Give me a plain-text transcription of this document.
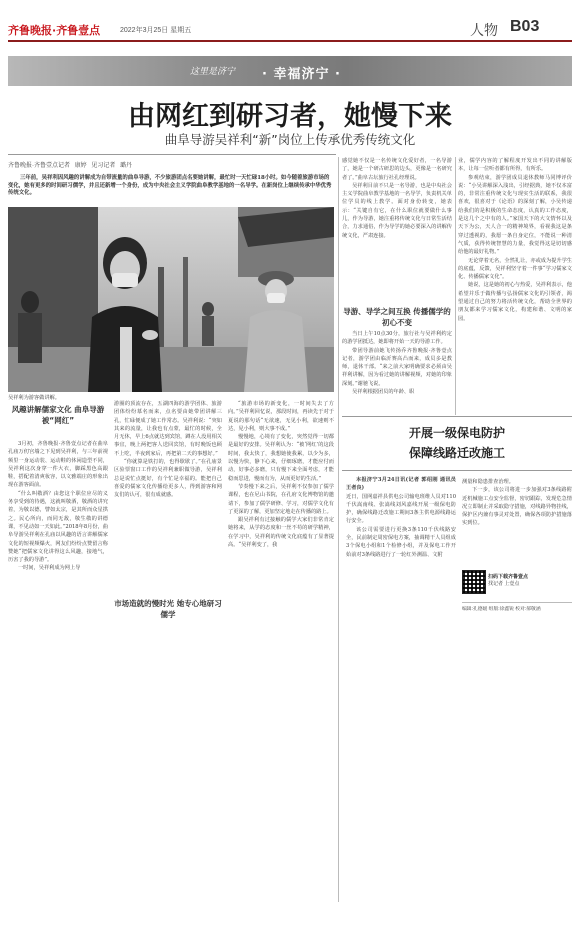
齐鲁晚报·齐鲁壹点	2022年3月25日 星期五	人物 B03
这里是济宁 · 幸福济宁 ·
由网红到研习者，她慢下来
曲阜导游吴祥利“新”岗位上传承优秀传统文化
齐鲁晚报·齐鲁壹点记者 康婷 见习记者 璐丹
三年前，吴祥利因风趣的讲解成为自带流量的曲阜导游，不少旅游团点名要她讲解，最忙时一天忙碌18小时。如今随着旅游市场的变化，她有更多的时间研习儒学，并且还新增一个身份，成为中央社会主义学院曲阜教学基地的一名导学。在新岗位上继续传承中华优秀传统文化。
吴祥利为游客做讲解。
风趣讲解儒家文化 曲阜导游被“网红”

3月初，齐鲁晚报·齐鲁壹点记者在曲阜孔庙万仞宫墙之下见到吴祥利，与三年前视频里一身运动装、运动鞋的休闲造型不同，吴祥利这次身穿一件大衣，脚踩黑色高跟鞋，搭配着清爽妆容，以文雅端庄的形象出现在游客面前。

“什么叫敬酒？由您这个职位应尽的义务享受到的待遇，这就叫敬酒，敬酒的讲究着，为敬以德，譬如太宗，是其所而众星拱之。民心所向，而同无敌，敬生敬的讲德课，不见动如一天如此。”2018年8月份，曲阜导游吴祥利在孔庙以风趣的语言讲解儒家文化的短视频爆火，网友们纷纷点赞留言称赞她“把儒家文化讲得这么风趣，接地气，历害了我的导游”。

一时间，吴祥利成为网上导

游圈的顶流存在，五湖四海的游学团体、旅游团体纷纷慕名而来，点名要由她带团讲解三孔，忙碌便成了她工作常态。吴祥利说：“突如其来的流量，让我也有点蒙，最忙的时候，全月无休，早上6点就达到宾馆，蹲在人没用相关事宜，晚上两把客人送回宾馆，有时晚饭也顾不上吃，半夜到家后，再把第二天的事想好。”

“你就算是铁打的，也得歇歇了。”在孔庙景区验票窗口工作的吴祥利兼职做导游，吴祥利总是说忙点挺好，有个忙是幸福的。能把自己喜爱的儒家文化传播给更多人，得到游客和网友们的认可，很有成就感。

市场造就的慢时光 她专心地研习儒学

“旅游市场的新变化，一时间失去了方向。”吴祥利回忆说，那段时间，再读先于对于夏说的那句话“无欲速，无见小利，欲速则不达，见小利，则大事不成。”

慢慢地，心境有了变化，突然觉得一切都是最好的安排。吴祥利认为：“被‘网红’的这段时间，我太快了，我想她使我累，以少为多，以慢为快，静下心来，仔细琢磨，才能应付而动，好事必多磨，只有慢下来全面考虑，才能稳而思进，慢而有为，从而更好的生活。”

节奏慢下来之后，吴祥利不仅参加了儒学课程，也在尼山书院，在孔府文化博物馆的邀请下，参加了儒学研修、学习，对儒学文化有了更深的了解，更加坚定地走在传播的路上。

跟吴祥利有过接触的儒学大家们非常肯定她将来，从学的态度和一丝不苟的研学精神，在学习中，吴祥利的传统文化底蕴有了显著提高。“吴祥利变了，我

感觉她不仅是一名传统文化爱好者，一名导游了，她是一个研古研思的边头，更像是一名研究者了。”曲阜古坛旅行社孔经理说。

吴祥利目前不只是一名导游，也是中央社会主义学院曲阜教学基地的一名导学，负责机关单位学员的线上教学。面对身份转变，她表示：“关键自有它，在什么职位就要做什么事儿，作为导游，她注重将传统文化与日常生活结合，力求通俗，作为导学的她必要深入的讲解传统文化，严肃连接。

导游、导学之间互换 传播儒学的初心不变

当日上午10点30分，旅行社与吴祥利约定的游学团抵达，她即将开始一天的导游工作。

带团导游前她飞传扬乔齐鲁晚报·齐鲁壹点记者，游学团由临沂赛高凸而来，成员多是教师，退休干部。“来之前大家明确要求必须由吴祥利讲解，因为看过她的讲解视频，对她的印象深刻。”谢驰飞说。

吴祥利根据团员的年龄、职

业，儒学内容的了解程度开发出不同的讲解版本，让每一位听者都有所得，有所乐。

参观结束，游学团成员退休教师马同博评价说：“小吴讲解深入浅出，引经据典，她不仅本富的，非常注重传统文化与现实生活的联系，我很喜欢，很喜对于《论语》的深刻了解，小吴传递给我们的是积极的生命态度，认真的工作态度，是这几个之中有的人。”家国天下的大文情怀以及天下为公，天人合一的精神境界，看视我这是条穿过透视的，我愿一条自身定位，不能说一种清气质，获得传统智慧的力量，我觉得这是切切感给他的最好礼物。”

无论穿着无名，全然礼让，亦或成为提升学生的底蕴，反馈，吴祥利坚守着一件事“学习儒家文化、传播儒家文化”。

她说，这是她的初心与热爱，吴祥利表示，他希望并乐于做传播与弘扬儒家文化的引领者，渴望通过自己的努力将活传统文化，帮助全世界的朋友都来学习儒家文化，构建和谐、文明的家园。

开展一级保电防护
保障线路迁改施工

本报济宁3月24日讯(记者 郭绍刚 通讯员 王者良)

近日，国网嘉祥县供电公司输电班维人员对110千伏嵩南线、张嵩线刘风嘉线开展一级保电防护，确保线路迁改施工期间3条主供电源线路运行安全。

该公司需要进行更换3条110千伏线路安全，民前制定周密保电方案，抽调精干人员组成3个保电小组和1个检修小组，并及保电工作开始前对3条线路进行了一轮红外测温、文附

测量和隐患排查治理。

下一步，该公司将进一步加强对3条线路附近机械施工点安全监督，密切跟踪，发现危急情况立即制止并采取隐守措施，对线路异物挂线，保护区内兼有事灵对处置，确保各项防护措施落实到位。

扫码下载齐鲁壹点
找记者 上壹点
编辑:孔德媛 组版:徐鑫锐 校对:郝敬涵
